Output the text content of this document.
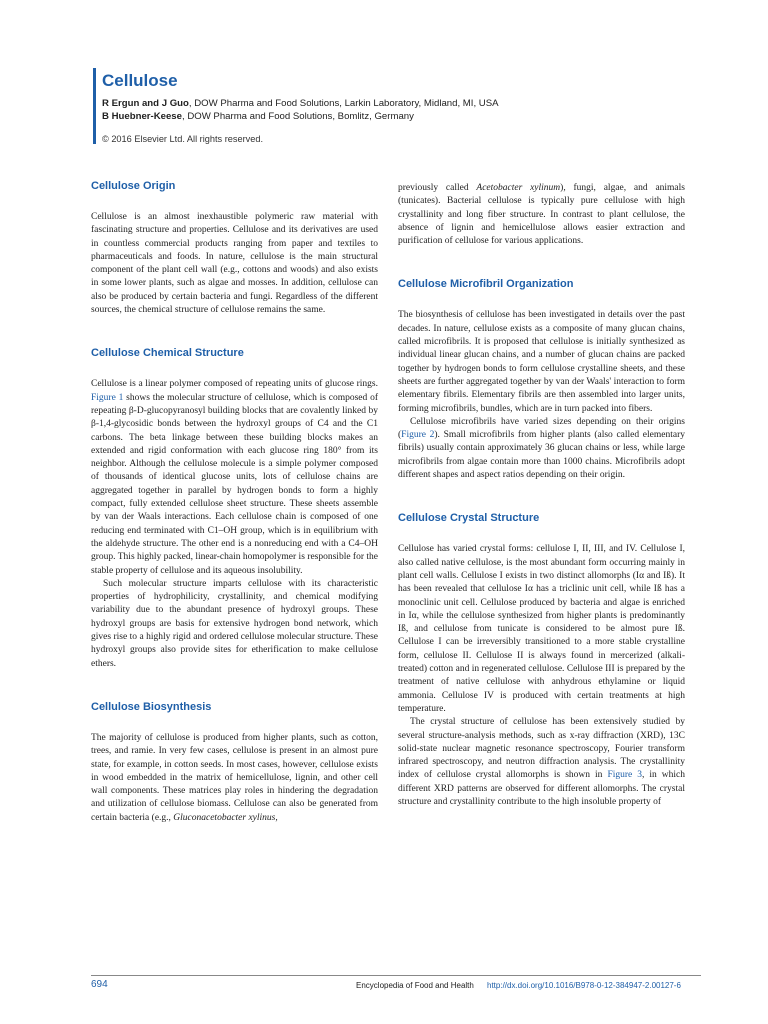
Cellulose
R Ergun and J Guo, DOW Pharma and Food Solutions, Larkin Laboratory, Midland, MI, USA
B Huebner-Keese, DOW Pharma and Food Solutions, Bomlitz, Germany
© 2016 Elsevier Ltd. All rights reserved.
Cellulose Origin

Cellulose is an almost inexhaustible polymeric raw material with fascinating structure and properties. Cellulose and its derivatives are used in countless commercial products ranging from paper and textiles to pharmaceuticals and foods. In nature, cellulose is the main structural component of the plant cell wall (e.g., cottons and woods) and also exists in some lower plants, such as algae and mosses. In addition, cellulose can also be produced by certain bacteria and fungi. Regardless of the different sources, the chemical structure of cellulose remains the same.

Cellulose Chemical Structure

Cellulose is a linear polymer composed of repeating units of glucose rings. Figure 1 shows the molecular structure of cellulose, which is composed of repeating β-D-glucopyranosyl building blocks that are covalently linked by β-1,4-glycosidic bonds between the hydroxyl groups of C4 and the C1 carbons. The beta linkage between these building blocks makes an extended and rigid conformation with each glucose ring 180° from its neighbor. Although the cellulose molecule is a simple polymer composed of thousands of identical glucose units, lots of cellulose chains are aggregated together in parallel by hydrogen bonds to form a highly compact, fully extended cellulose sheet structure. These sheets assemble by van der Waals interactions. Each cellulose chain is composed of one reducing end terminated with C1–OH group, which is in equilibrium with the aldehyde structure. The other end is a nonreducing end with a C4–OH group. This highly packed, linear-chain homopolymer is responsible for the stable property of cellulose and its aqueous insolubility.

Such molecular structure imparts cellulose with its characteristic properties of hydrophilicity, crystallinity, and chemical modifying variability due to the abundant presence of hydroxyl groups. These hydroxyl groups are basis for extensive hydrogen bond network, which gives rise to a highly rigid and ordered cellulose molecular structure. These hydroxyl groups also provide sites for etherification to make cellulose ethers.

Cellulose Biosynthesis

The majority of cellulose is produced from higher plants, such as cotton, trees, and ramie. In very few cases, cellulose is present in an almost pure state, for example, in cotton seeds. In most cases, however, cellulose exists in wood embedded in the matrix of hemicellulose, lignin, and other cell wall components. These matrices play roles in hindering the degradation and utilization of cellulose biomass. Cellulose can also be generated from certain bacteria (e.g., Gluconacetobacter xylinus,

previously called Acetobacter xylinum), fungi, algae, and animals (tunicates). Bacterial cellulose is typically pure cellulose with high crystallinity and long fiber structure. In contrast to plant cellulose, the absence of lignin and hemicellulose allows easier extraction and purification of cellulose for various applications.

Cellulose Microfibril Organization

The biosynthesis of cellulose has been investigated in details over the past decades. In nature, cellulose exists as a composite of many glucan chains, called microfibrils. It is proposed that cellulose is initially synthesized as individual linear glucan chains, and a number of glucan chains are packed together by hydrogen bonds to form cellulose crystalline sheets, and these sheets are further aggregated together by van der Waals' interaction to form elementary fibrils. Elementary fibrils are then assembled into larger units, forming microfibrils, bundles, which are in turn packed into fibers.

Cellulose microfibrils have varied sizes depending on their origins (Figure 2). Small microfibrils from higher plants (also called elementary fibrils) usually contain approximately 36 glucan chains or less, while large microfibrils from algae contain more than 1000 chains. Microfibrils adopt different shapes and aspect ratios depending on their origin.

Cellulose Crystal Structure

Cellulose has varied crystal forms: cellulose I, II, III, and IV. Cellulose I, also called native cellulose, is the most abundant form occurring mainly in plant cell walls. Cellulose I exists in two distinct allomorphs (Iα and Iß). It has been revealed that cellulose Iα has a triclinic unit cell, while Iß has a monoclinic unit cell. Cellulose produced by bacteria and algae is enriched in Iα, while the cellulose synthesized from higher plants is predominantly Iß, and cellulose from tunicate is considered to be almost pure Iß. Cellulose I can be irreversibly transitioned to a more stable crystalline form, cellulose II. Cellulose II is always found in mercerized (alkali-treated) cotton and in regenerated cellulose. Cellulose III is prepared by the treatment of native cellulose with anhydrous ethylamine or liquid ammonia. Cellulose IV is produced with certain treatments at high temperature.

The crystal structure of cellulose has been extensively studied by several structure-analysis methods, such as x-ray diffraction (XRD), 13C solid-state nuclear magnetic resonance spectroscopy, Fourier transform infrared spectroscopy, and neutron diffraction analysis. The crystallinity index of cellulose crystal allomorphs is shown in Figure 3, in which different XRD patterns are observed for different allomorphs. The crystal structure and crystallinity contribute to the high insoluble property of

694	Encyclopedia of Food and Health http://dx.doi.org/10.1016/B978-0-12-384947-2.00127-6
